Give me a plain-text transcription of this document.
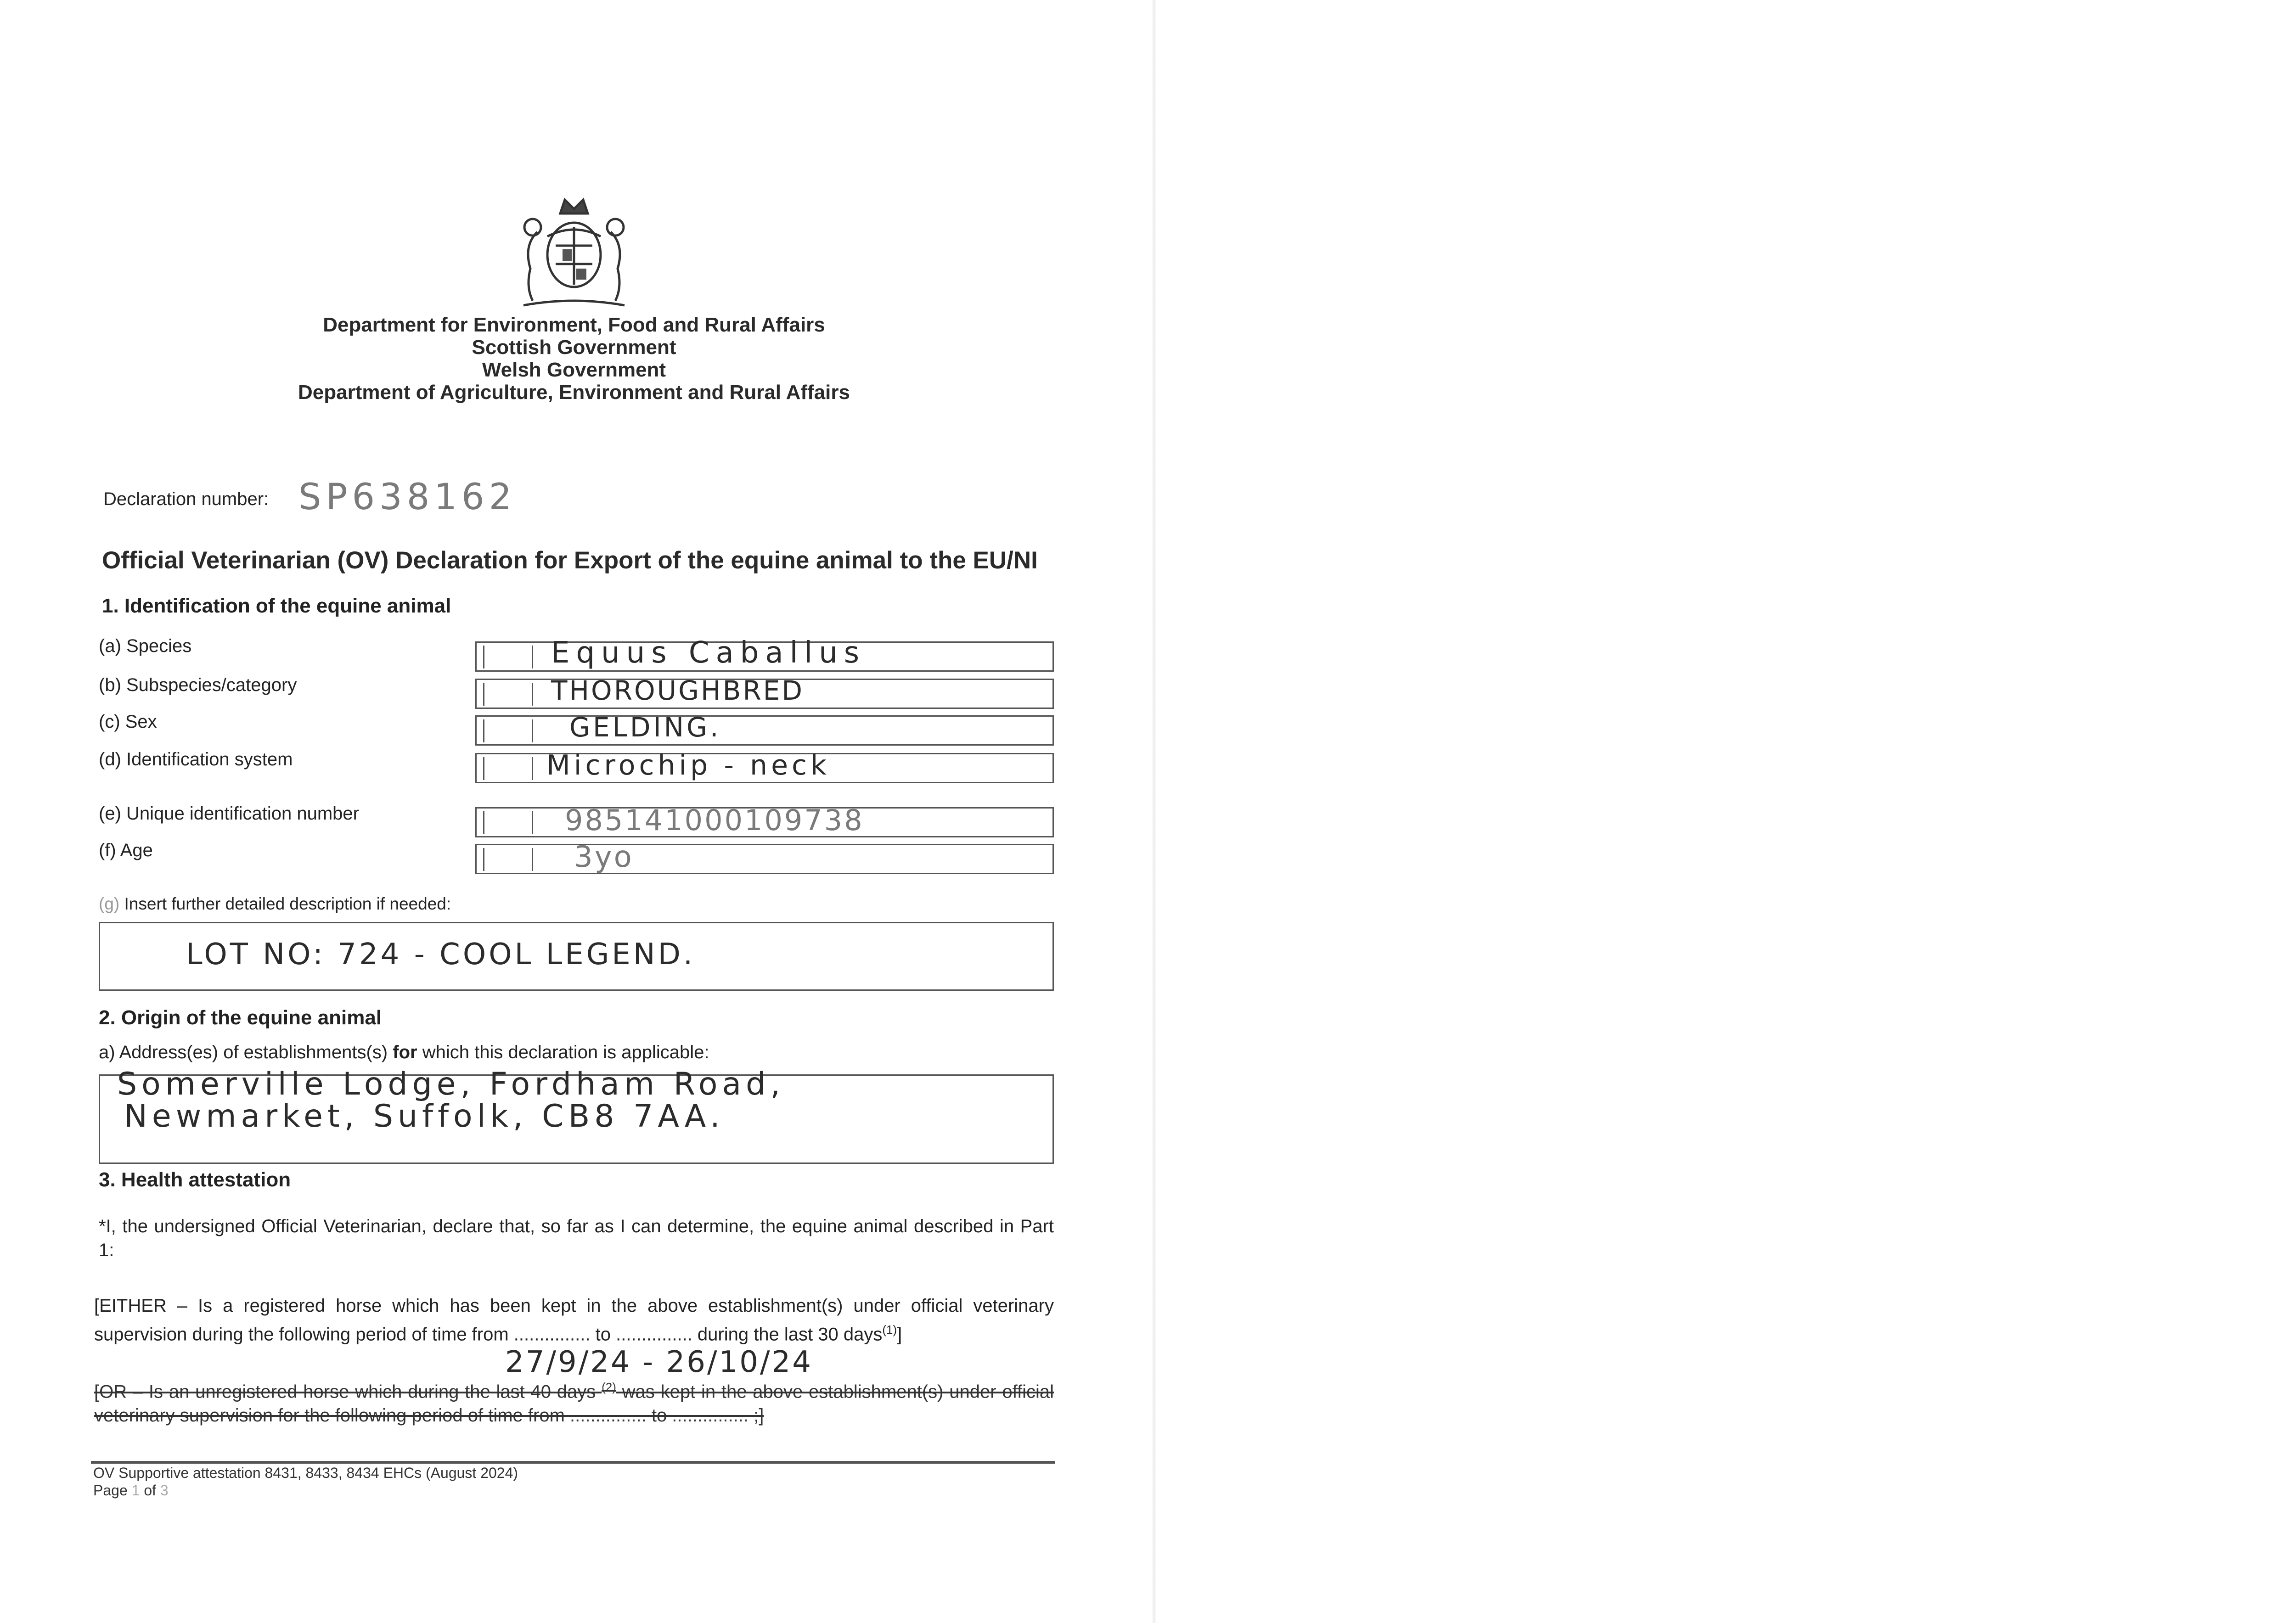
Department for Environment, Food and Rural Affairs
Scottish Government
Welsh Government
Department of Agriculture, Environment and Rural Affairs
Declaration number: SP638162
Official Veterinarian (OV) Declaration for Export of the equine animal to the EU/NI
1. Identification of the equine animal
(a) Species	Equus Caballus
(b) Subspecies/category	THOROUGHBRED
(c) Sex	GELDING.
(d) Identification system	Microchip - neck
(e) Unique identification number	985141000109738
(f) Age	3yo
(g) Insert further detailed description if needed:
LOT NO: 724 - COOL LEGEND.
2. Origin of the equine animal
a) Address(es) of establishments(s) for which this declaration is applicable:
Somerville Lodge, Fordham Road,
Newmarket, Suffolk, CB8 7AA.
3. Health attestation
*I, the undersigned Official Veterinarian, declare that, so far as I can determine, the equine animal described in Part 1:
[EITHER – Is a registered horse which has been kept in the above establishment(s) under official veterinary supervision during the following period of time from ............... to ............... during the last 30 days$^{(1)}$]
27/9/24 - 26/10/24
[OR – Is an unregistered horse which during the last 40 days $^{(2)}$ was kept in the above establishment(s) under official veterinary supervision for the following period of time from ............... to ............... ;]
OV Supportive attestation 8431, 8433, 8434 EHCs (August 2024)
Page 1 of 3
